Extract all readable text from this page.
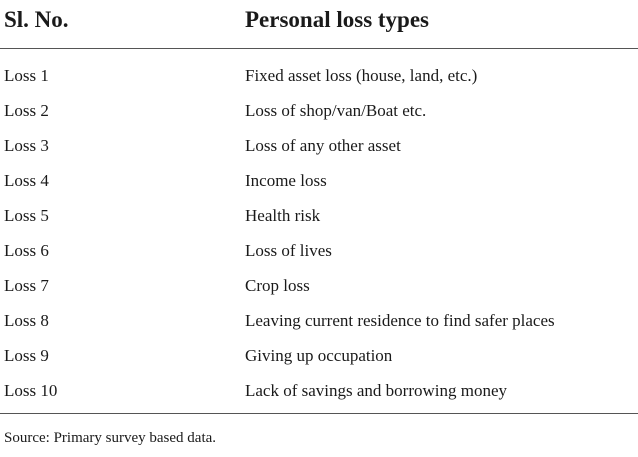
Sl. No.	Personal loss types
Loss 1	Fixed asset loss (house, land, etc.)
Loss 2	Loss of shop/van/Boat etc.
Loss 3	Loss of any other asset
Loss 4	Income loss
Loss 5	Health risk
Loss 6	Loss of lives
Loss 7	Crop loss
Loss 8	Leaving current residence to find safer places
Loss 9	Giving up occupation
Loss 10	Lack of savings and borrowing money
Source: Primary survey based data.
